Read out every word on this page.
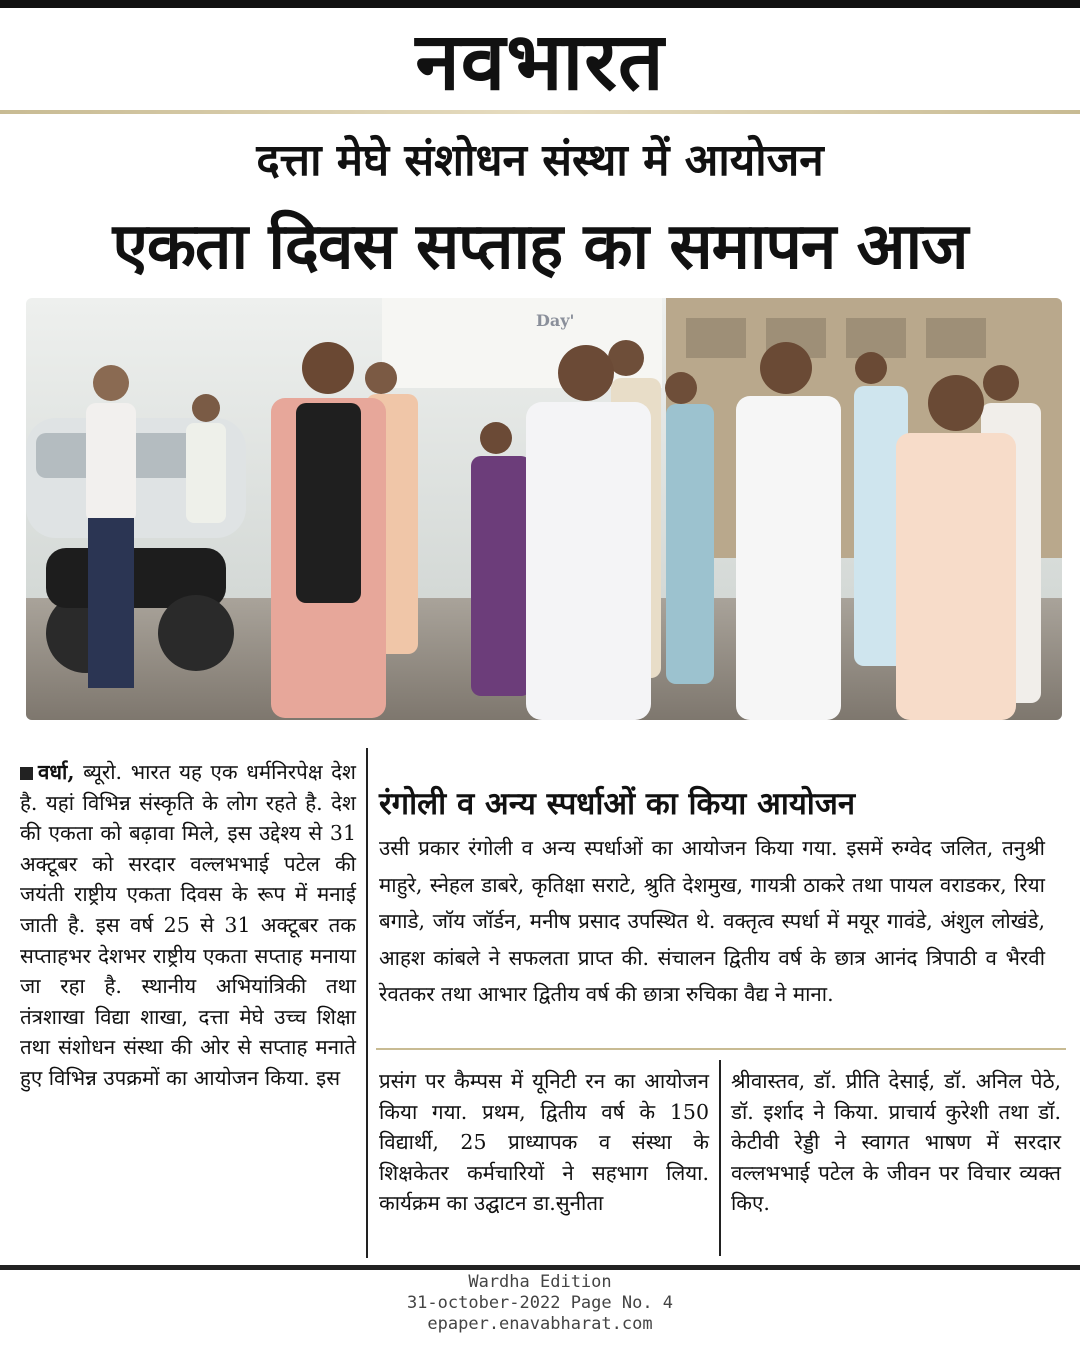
नवभारत
दत्ता मेघे संशोधन संस्था में आयोजन
एकता दिवस सप्ताह का समापन आज
Day'
वर्धा, ब्यूरो. भारत यह एक धर्मनिरपेक्ष देश है. यहां विभिन्न संस्कृति के लोग रहते है. देश की एकता को बढ़ावा मिले, इस उद्देश्य से 31 अक्टूबर को सरदार वल्लभभाई पटेल की जयंती राष्ट्रीय एकता दिवस के रूप में मनाई जाती है. इस वर्ष 25 से 31 अक्टूबर तक सप्ताहभर देशभर राष्ट्रीय एकता सप्ताह मनाया जा रहा है. स्थानीय अभियांत्रिकी तथा तंत्रशाखा विद्या शाखा, दत्ता मेघे उच्च शिक्षा तथा संशोधन संस्था की ओर से सप्ताह मनाते हुए विभिन्न उपक्रमों का आयोजन किया. इस
रंगोली व अन्य स्पर्धाओं का किया आयोजन
उसी प्रकार रंगोली व अन्य स्पर्धाओं का आयोजन किया गया. इसमें रुग्वेद जलित, तनुश्री माहुरे, स्नेहल डाबरे, कृतिक्षा सराटे, श्रुति देशमुख, गायत्री ठाकरे तथा पायल वराडकर, रिया बगाडे, जॉय जॉर्डन, मनीष प्रसाद उपस्थित थे. वक्तृत्व स्पर्धा में मयूर गावंडे, अंशुल लोखंडे, आहश कांबले ने सफलता प्राप्त की. संचालन द्वितीय वर्ष के छात्र आनंद त्रिपाठी व भैरवी रेवतकर तथा आभार द्वितीय वर्ष की छात्रा रुचिका वैद्य ने माना.
प्रसंग पर कैम्पस में यूनिटी रन का आयोजन किया गया. प्रथम, द्वितीय वर्ष के 150 विद्यार्थी, 25 प्राध्यापक व संस्था के शिक्षकेतर कर्मचारियों ने सहभाग लिया. कार्यक्रम का उद्घाटन डा.सुनीता
श्रीवास्तव, डॉ. प्रीति देसाई, डॉ. अनिल पेठे, डॉ. इर्शाद ने किया. प्राचार्य कुरेशी तथा डॉ. केटीवी रेड्डी ने स्वागत भाषण में सरदार वल्लभभाई पटेल के जीवन पर विचार व्यक्त किए.
Wardha Edition
31-october-2022 Page No. 4
epaper.enavabharat.com
